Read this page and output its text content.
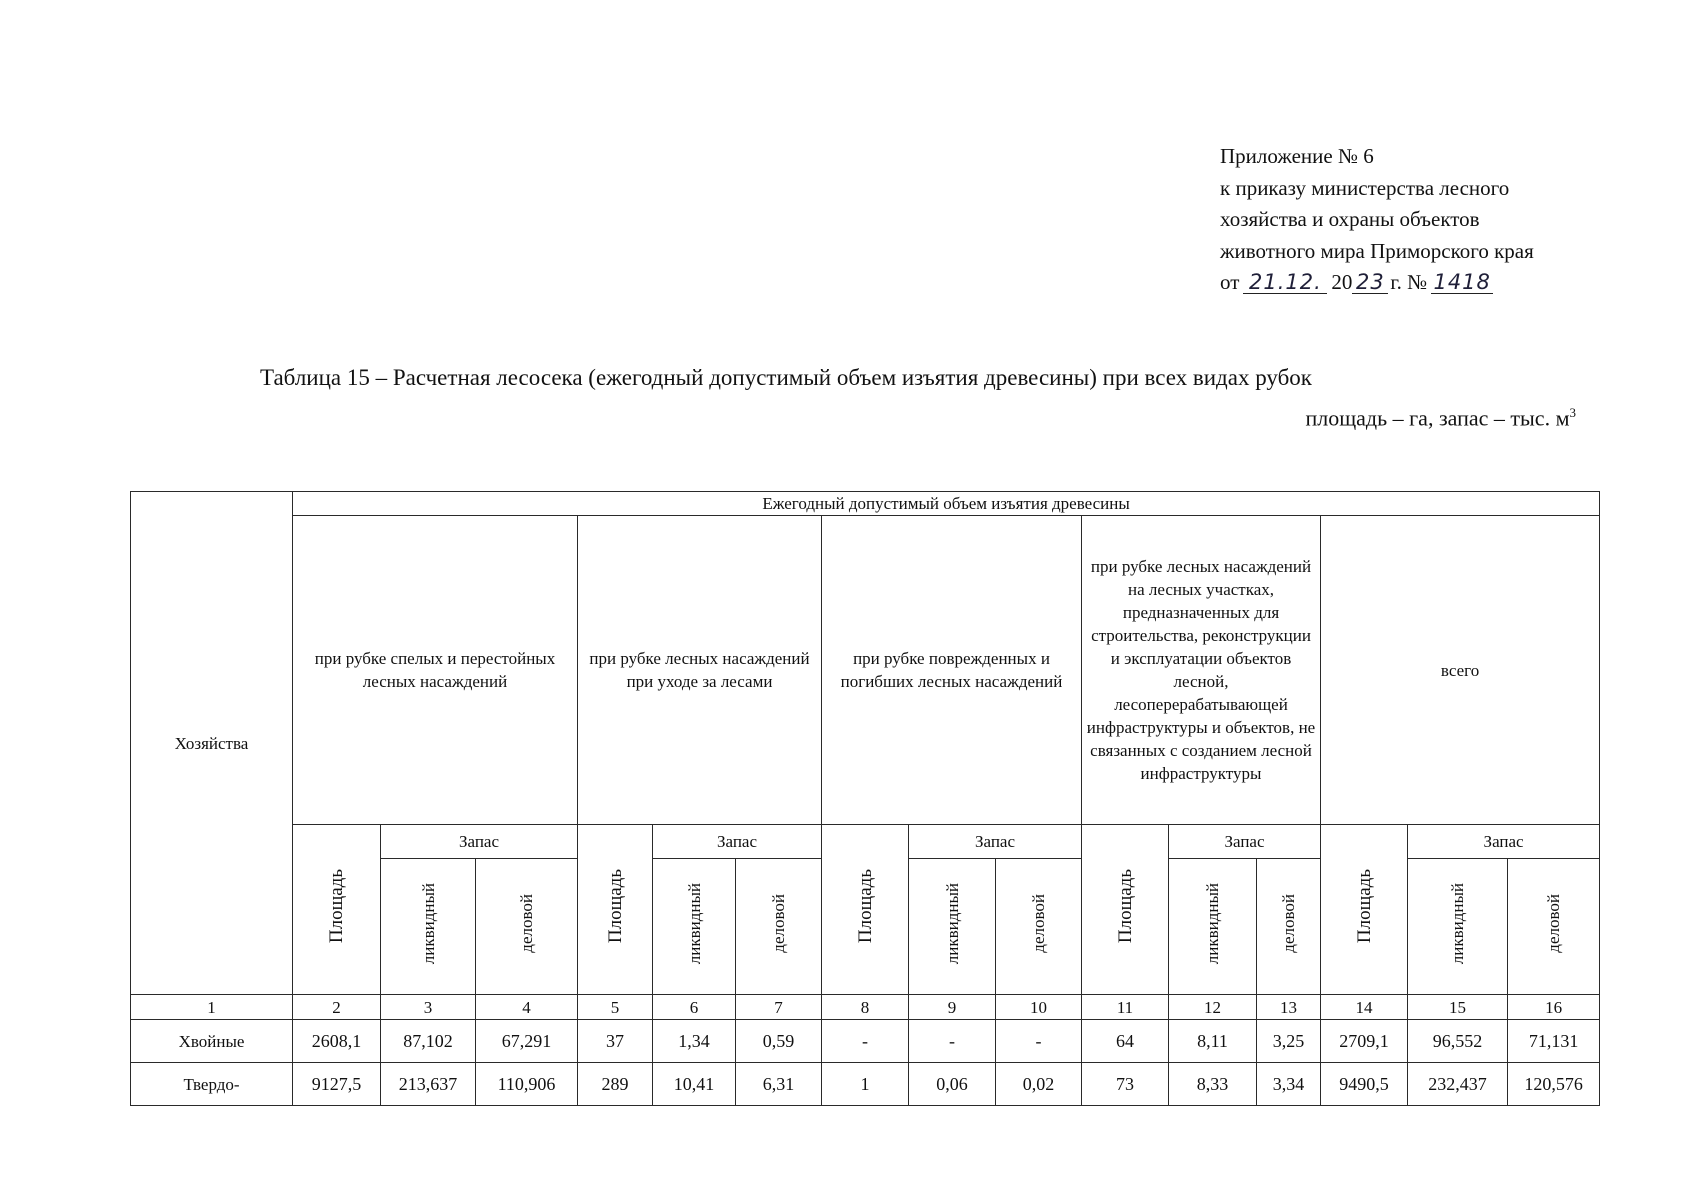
Приложение № 6
к приказу министерства лесного
хозяйства и охраны объектов
животного мира Приморского края
от 21.12. 20 23 г. № 1418
Таблица 15 – Расчетная лесосека (ежегодный допустимый объем изъятия древесины) при всех видах рубок
площадь – га, запас – тыс. $м^3$
Хозяйства	Ежегодный допустимый объем изъятия древесины														
	при рубке спелых и перестойных лесных насаждений			при рубке лесных насаждений при уходе за лесами			при рубке поврежденных и погибших лесных насаждений			при рубке лесных насаждений на лесных участках, предназначенных для строительства, реконструкции и эксплуатации объектов лесной, лесоперерабатывающей инфраструктуры и объектов, не связанных с созданием лесной инфраструктуры			всего		
	Площадь	Запас		Площадь	Запас		Площадь	Запас		Площадь	Запас		Площадь	Запас	
		ликвидный	деловой		ликвидный	деловой		ликвидный	деловой		ликвидный	деловой		ликвидный	деловой
1	2	3	4	5	6	7	8	9	10	11	12	13	14	15	16
Хвойные	2608,1	87,102	67,291	37	1,34	0,59	-	-	-	64	8,11	3,25	2709,1	96,552	71,131
Твердо-	9127,5	213,637	110,906	289	10,41	6,31	1	0,06	0,02	73	8,33	3,34	9490,5	232,437	120,576
